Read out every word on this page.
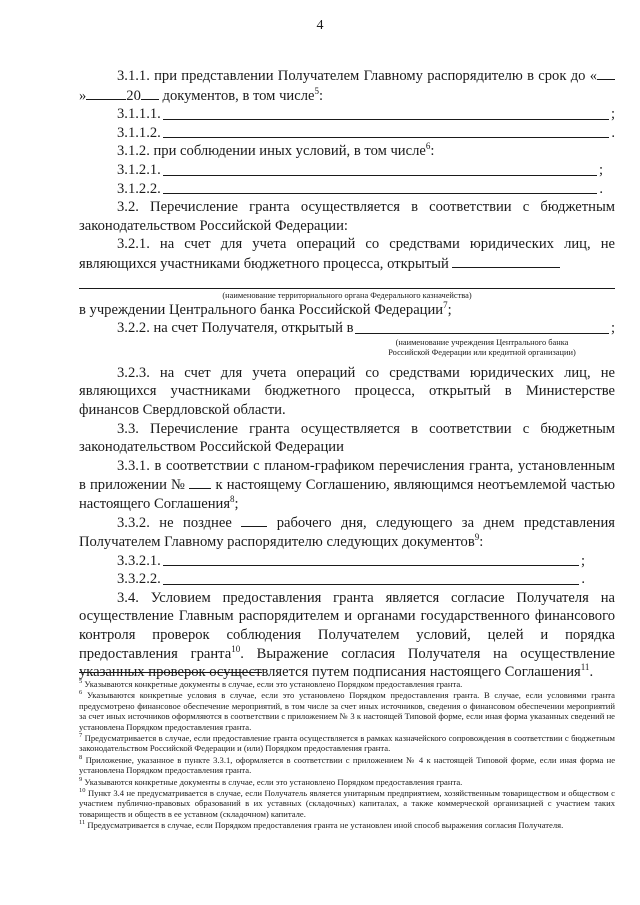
4

3.1.1. при представлении Получателем Главному распорядителю в срок до «»	20 документов, в том числе$^5$:

3.1.1.1.	;
3.1.1.2.	.

3.1.2. при соблюдении иных условий, в том числе$^6$:

3.1.2.1.	;
3.1.2.2.	.

3.2. Перечисление гранта осуществляется в соответствии с бюджетным законодательством Российской Федерации:

3.2.1. на счет для учета операций со средствами юридических лиц, не являющихся участниками бюджетного процесса, открытый

(наименование территориального органа Федерального казначейства)

в учреждении Центрального банка Российской Федерации$^7$;

3.2.2. на счет Получателя, открытый в	;
(наименование учреждения Центрального банка
Российской Федерации или кредитной организации)

3.2.3. на счет для учета операций со средствами юридических лиц, не являющихся участниками бюджетного процесса, открытый в Министерстве финансов Свердловской области.

3.3. Перечисление гранта осуществляется в соответствии с бюджетным законодательством Российской Федерации

3.3.1. в соответствии с планом-графиком перечисления гранта, установленным в приложении № к настоящему Соглашению, являющимся неотъемлемой частью настоящего Соглашения$^8$;

3.3.2. не позднее	рабочего дня, следующего за днем представления Получателем Главному распорядителю следующих документов$^9$:

3.3.2.1.	;
3.3.2.2.	.

3.4. Условием предоставления гранта является согласие Получателя на осуществление Главным распорядителем и органами государственного финансового контроля проверок соблюдения Получателем условий, целей и порядка предоставления гранта$^{10}$. Выражение согласия Получателя на осуществление указанных проверок осуществляется путем подписания настоящего Соглашения$^{11}$.

$^5$ Указываются конкретные документы в случае, если это установлено Порядком предоставления гранта.

$^6$ Указываются конкретные условия в случае, если это установлено Порядком предоставления гранта. В случае, если условиями гранта предусмотрено финансовое обеспечение мероприятий, в том числе за счет иных источников, сведения о финансовом обеспечении мероприятий за счет иных источников оформляются в соответствии с приложением № 3 к настоящей Типовой форме, если иная форма указанных сведений не установлена Порядком предоставления гранта.

$^7$ Предусматривается в случае, если предоставление гранта осуществляется в рамках казначейского сопровождения в соответствии с бюджетным законодательством Российской Федерации и (или) Порядком предоставления гранта.

$^8$ Приложение, указанное в пункте 3.3.1, оформляется в соответствии с приложением № 4 к настоящей Типовой форме, если иная форма не установлена Порядком предоставления гранта.

$^9$ Указываются конкретные документы в случае, если это установлено Порядком предоставления гранта.

$^{10}$ Пункт 3.4 не предусматривается в случае, если Получатель является унитарным предприятием, хозяйственным товариществом и обществом с участием публично-правовых образований в их уставных (складочных) капиталах, а также коммерческой организацией с участием таких товариществ и обществ в ее уставном (складочном) капитале.

$^{11}$ Предусматривается в случае, если Порядком предоставления гранта не установлен иной способ выражения согласия Получателя.
